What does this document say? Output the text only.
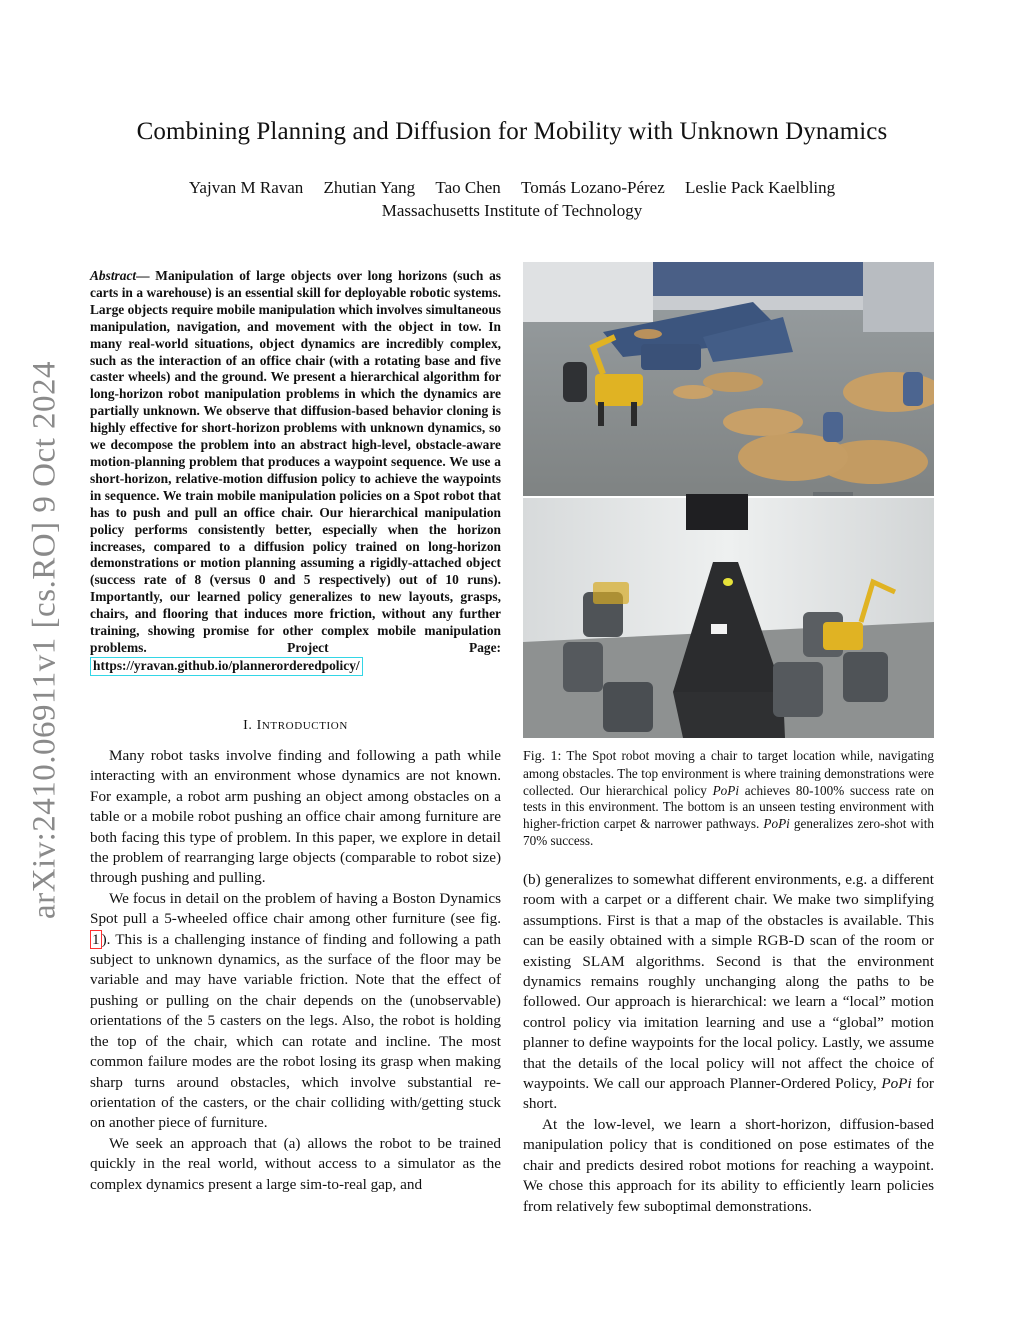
Combining Planning and Diffusion for Mobility with Unknown Dynamics
Yajvan M Ravan Zhutian Yang Tao Chen Tomás Lozano-Pérez Leslie Pack Kaelbling
Massachusetts Institute of Technology
arXiv:2410.06911v1 [cs.RO] 9 Oct 2024
Abstract— Manipulation of large objects over long horizons (such as carts in a warehouse) is an essential skill for deployable robotic systems. Large objects require mobile manipulation which involves simultaneous manipulation, navigation, and movement with the object in tow. In many real-world situations, object dynamics are incredibly complex, such as the interaction of an office chair (with a rotating base and five caster wheels) and the ground. We present a hierarchical algorithm for long-horizon robot manipulation problems in which the dynamics are partially unknown. We observe that diffusion-based behavior cloning is highly effective for short-horizon problems with unknown dynamics, so we decompose the problem into an abstract high-level, obstacle-aware motion-planning problem that produces a waypoint sequence. We use a short-horizon, relative-motion diffusion policy to achieve the waypoints in sequence. We train mobile manipulation policies on a Spot robot that has to push and pull an office chair. Our hierarchical manipulation policy performs consistently better, especially when the horizon increases, compared to a diffusion policy trained on long-horizon demonstrations or motion planning assuming a rigidly-attached object (success rate of 8 (versus 0 and 5 respectively) out of 10 runs). Importantly, our learned policy generalizes to new layouts, grasps, chairs, and flooring that induces more friction, without any further training, showing promise for other complex mobile manipulation problems. Project Page: https://yravan.github.io/plannerorderedpolicy/
I. INTRODUCTION

Many robot tasks involve finding and following a path while interacting with an environment whose dynamics are not known. For example, a robot arm pushing an object among obstacles on a table or a mobile robot pushing an office chair among furniture are both facing this type of problem. In this paper, we explore in detail the problem of rearranging large objects (comparable to robot size) through pushing and pulling.

We focus in detail on the problem of having a Boston Dynamics Spot pull a 5-wheeled office chair among other furniture (see fig. 1 ). This is a challenging instance of finding and following a path subject to unknown dynamics, as the surface of the floor may be variable and may have variable friction. Note that the effect of pushing or pulling on the chair depends on the (unobservable) orientations of the 5 casters on the legs. Also, the robot is holding the top of the chair, which can rotate and incline. The most common failure modes are the robot losing its grasp when making sharp turns around obstacles, which involve substantial re-orientation of the casters, or the chair colliding with/getting stuck on another piece of furniture.

We seek an approach that (a) allows the robot to be trained quickly in the real world, without access to a simulator as the complex dynamics present a large sim-to-real gap, and

Fig. 1: The Spot robot moving a chair to target location while, navigating among obstacles. The top environment is where training demonstrations were collected. Our hierarchical policy PoPi achieves 80-100% success rate on tests in this environment. The bottom is an unseen testing environment with higher-friction carpet & narrower pathways. PoPi generalizes zero-shot with 70% success.

(b) generalizes to somewhat different environments, e.g. a different room with a carpet or a different chair. We make two simplifying assumptions. First is that a map of the obstacles is available. This can be easily obtained with a simple RGB-D scan of the room or existing SLAM algorithms. Second is that the environment dynamics remains roughly unchanging along the paths to be followed. Our approach is hierarchical: we learn a “local” motion control policy via imitation learning and use a “global” motion planner to define waypoints for the local policy. Lastly, we assume that the details of the local policy will not affect the choice of waypoints. We call our approach Planner-Ordered Policy, PoPi for short.

At the low-level, we learn a short-horizon, diffusion-based manipulation policy that is conditioned on pose estimates of the chair and predicts desired robot motions for reaching a waypoint. We chose this approach for its ability to efficiently learn policies from relatively few suboptimal demonstrations.
